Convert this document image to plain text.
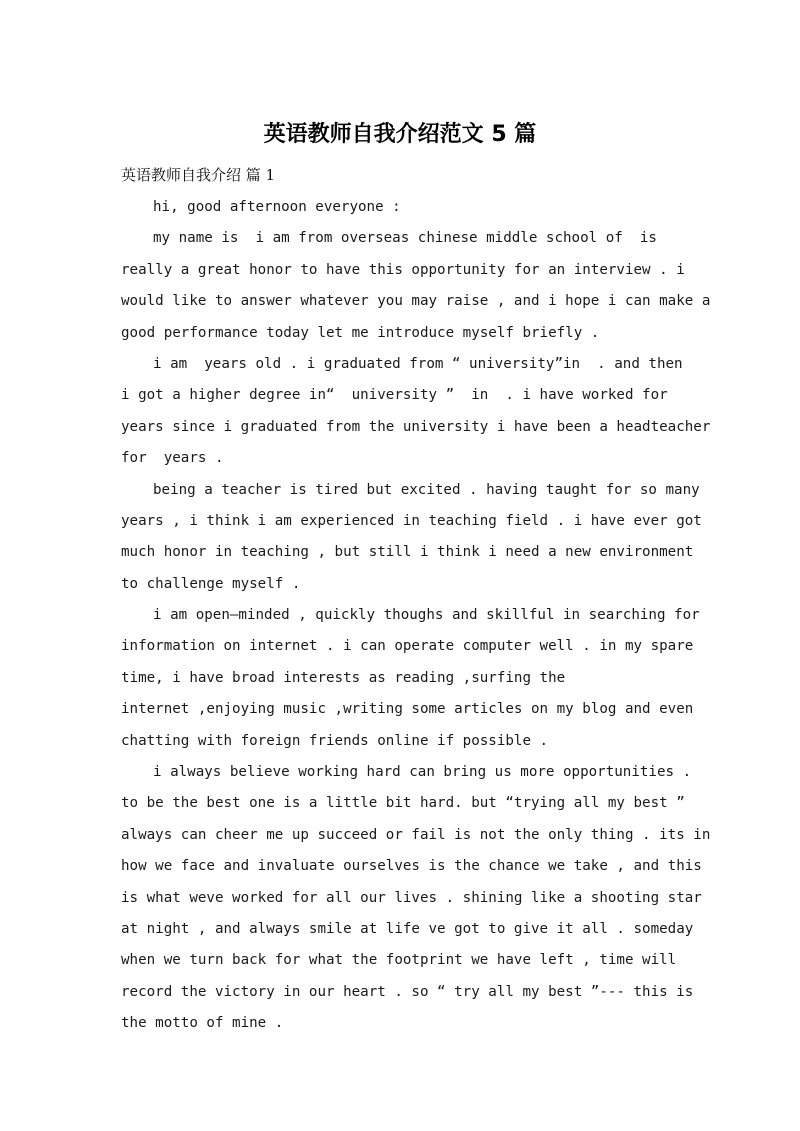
英语教师自我介绍范文 5 篇
英语教师自我介绍 篇 1
hi, good afternoon everyone :
my name is  i am from overseas chinese middle school of  is
really a great honor to have this opportunity for an interview . i
would like to answer whatever you may raise , and i hope i can make a
good performance today let me introduce myself briefly .
i am  years old . i graduated from “ university”in  . and then
i got a higher degree in“  university ”  in  . i have worked for
years since i graduated from the university i have been a headteacher
for  years .
being a teacher is tired but excited . having taught for so many
years , i think i am experienced in teaching field . i have ever got
much honor in teaching , but still i think i need a new environment
to challenge myself .
i am open—minded , quickly thoughs and skillful in searching for
information on internet . i can operate computer well . in my spare
time, i have broad interests as reading ,surfing the
internet ,enjoying music ,writing some articles on my blog and even
chatting with foreign friends online if possible .
i always believe working hard can bring us more opportunities .
to be the best one is a little bit hard. but “trying all my best ”
always can cheer me up succeed or fail is not the only thing . its in
how we face and invaluate ourselves is the chance we take , and this
is what weve worked for all our lives . shining like a shooting star
at night , and always smile at life ve got to give it all . someday
when we turn back for what the footprint we have left , time will
record the victory in our heart . so “ try all my best ”--- this is
the motto of mine .
